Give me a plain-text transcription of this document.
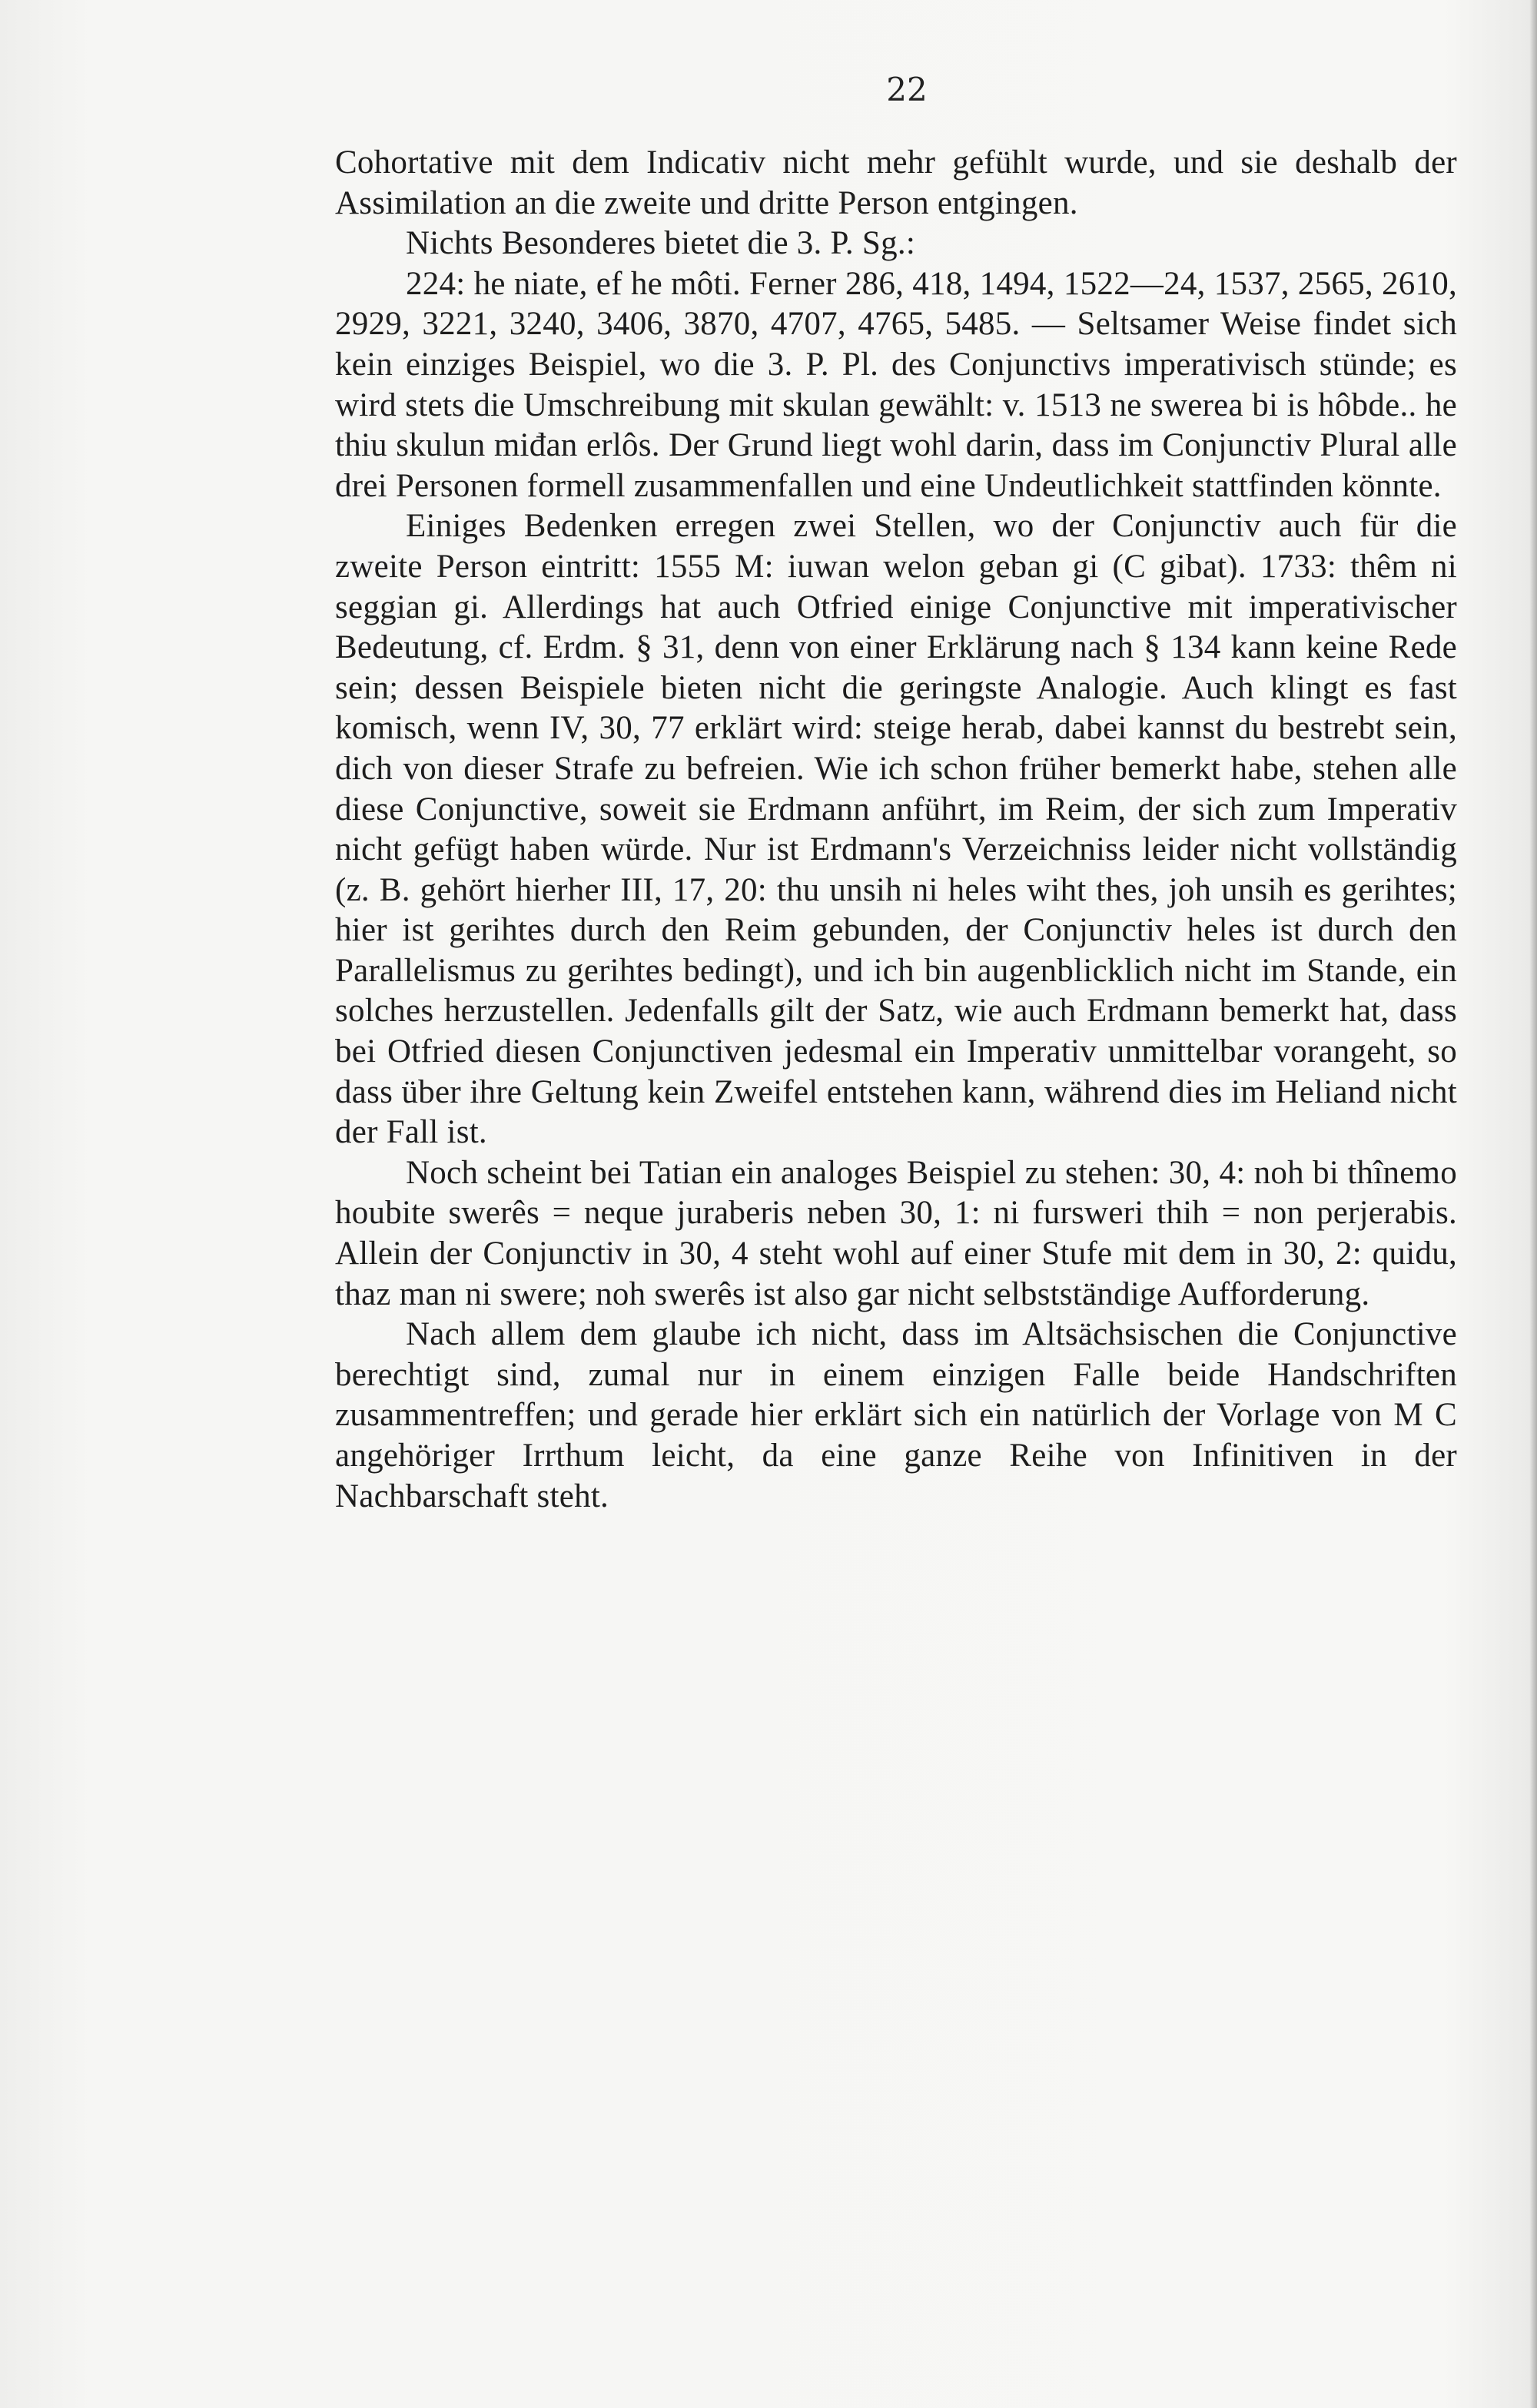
22

Cohortative mit dem Indicativ nicht mehr gefühlt wurde, und sie deshalb der Assimilation an die zweite und dritte Person entgingen.

Nichts Besonderes bietet die 3. P. Sg.:

224: he niate, ef he môti. Ferner 286, 418, 1494, 1522—24, 1537, 2565, 2610, 2929, 3221, 3240, 3406, 3870, 4707, 4765, 5485. — Seltsamer Weise findet sich kein einziges Beispiel, wo die 3. P. Pl. des Conjunctivs imperativisch stünde; es wird stets die Umschreibung mit skulan gewählt: v. 1513 ne swerea bi is hôbde.. he thiu skulun miđan erlôs. Der Grund liegt wohl darin, dass im Conjunctiv Plural alle drei Personen formell zusammenfallen und eine Undeutlichkeit stattfinden könnte.

Einiges Bedenken erregen zwei Stellen, wo der Conjunctiv auch für die zweite Person eintritt: 1555 M: iuwan welon geban gi (C gibat). 1733: thêm ni seggian gi. Allerdings hat auch Otfried einige Conjunctive mit imperativischer Bedeutung, cf. Erdm. § 31, denn von einer Erklärung nach § 134 kann keine Rede sein; dessen Beispiele bieten nicht die geringste Analogie. Auch klingt es fast komisch, wenn IV, 30, 77 erklärt wird: steige herab, dabei kannst du bestrebt sein, dich von dieser Strafe zu befreien. Wie ich schon früher bemerkt habe, stehen alle diese Conjunctive, soweit sie Erdmann anführt, im Reim, der sich zum Imperativ nicht gefügt haben würde. Nur ist Erdmann's Verzeichniss leider nicht vollständig (z. B. gehört hierher III, 17, 20: thu unsih ni heles wiht thes, joh unsih es gerihtes; hier ist gerihtes durch den Reim gebunden, der Conjunctiv heles ist durch den Parallelismus zu gerihtes bedingt), und ich bin augenblicklich nicht im Stande, ein solches herzustellen. Jedenfalls gilt der Satz, wie auch Erdmann bemerkt hat, dass bei Otfried diesen Conjunctiven jedesmal ein Imperativ unmittelbar vorangeht, so dass über ihre Geltung kein Zweifel entstehen kann, während dies im Heliand nicht der Fall ist.

Noch scheint bei Tatian ein analoges Beispiel zu stehen: 30, 4: noh bi thînemo houbite swerês = neque juraberis neben 30, 1: ni fursweri thih = non perjerabis. Allein der Conjunctiv in 30, 4 steht wohl auf einer Stufe mit dem in 30, 2: quidu, thaz man ni swere; noh swerês ist also gar nicht selbstständige Aufforderung.

Nach allem dem glaube ich nicht, dass im Altsächsischen die Conjunctive berechtigt sind, zumal nur in einem einzigen Falle beide Handschriften zusammentreffen; und gerade hier erklärt sich ein natürlich der Vorlage von M C angehöriger Irrthum leicht, da eine ganze Reihe von Infinitiven in der Nachbarschaft steht.
